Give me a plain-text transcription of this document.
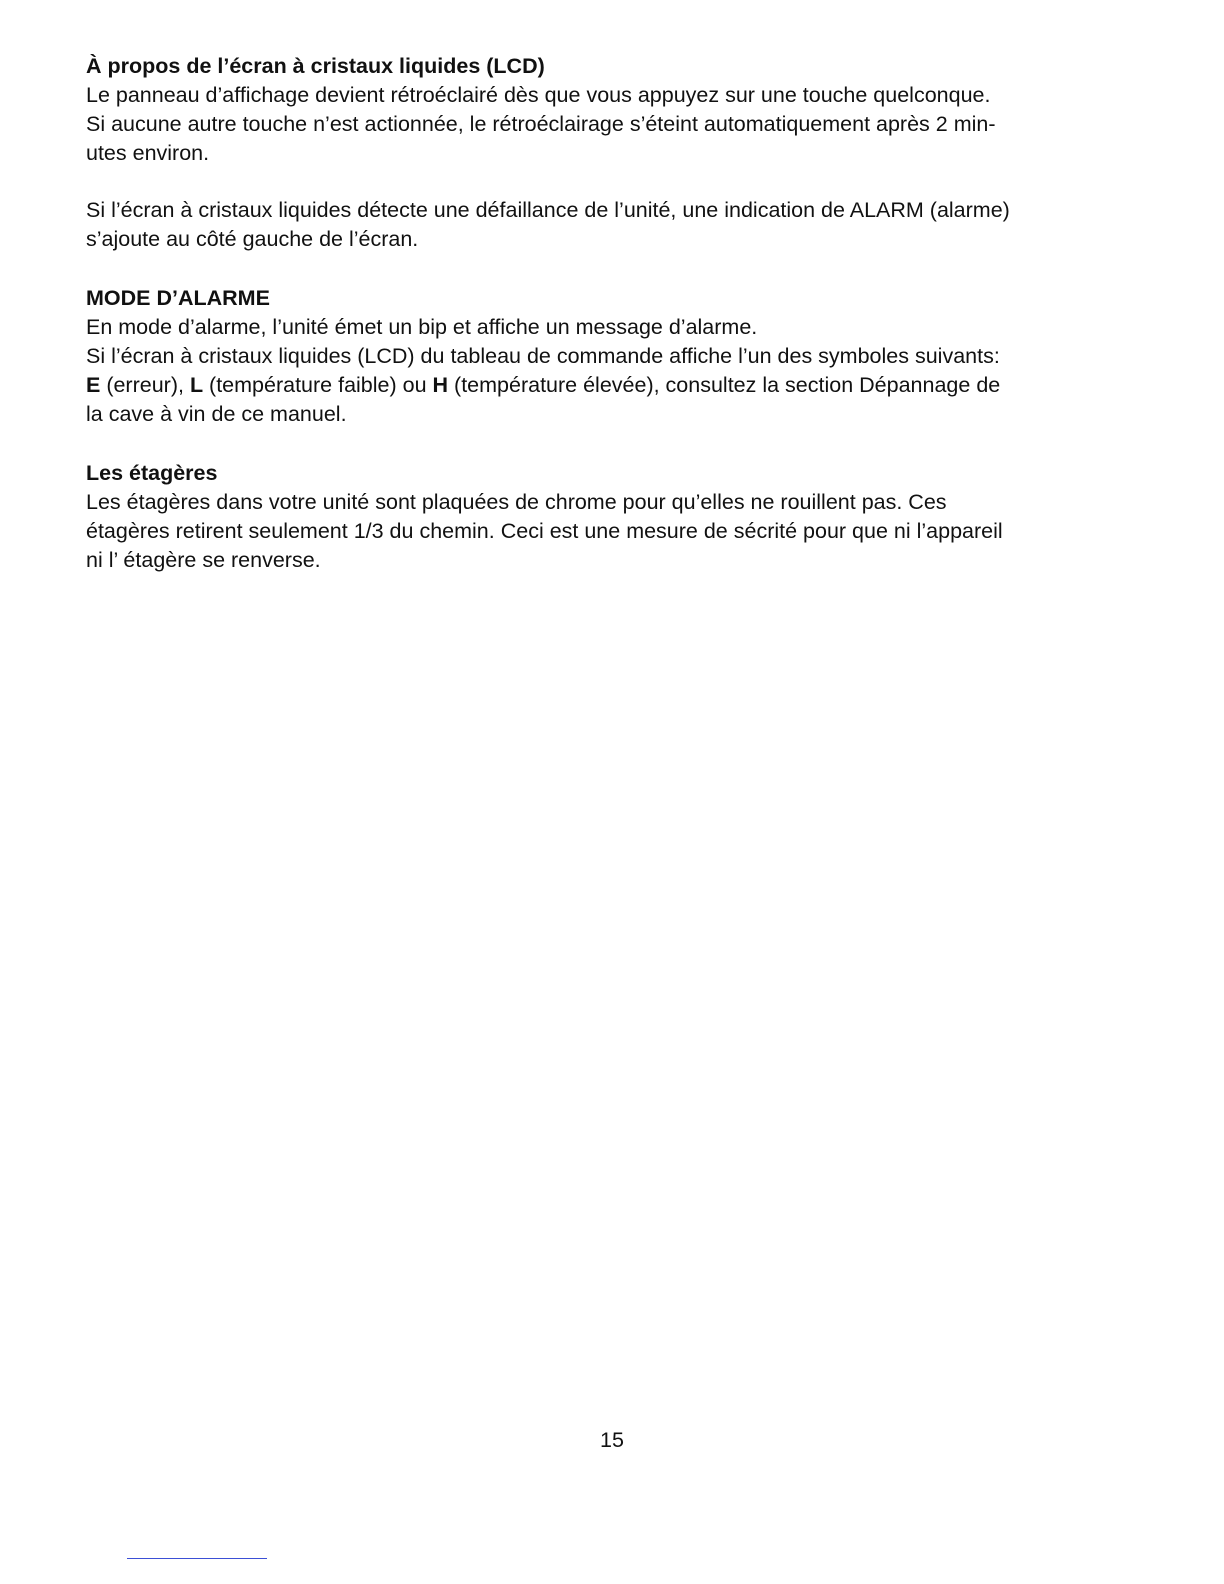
À propos de l’écran à cristaux liquides (LCD)

Le panneau d’affichage devient rétroéclairé dès que vous appuyez sur une touche quelconque.

Si aucune autre touche n’est actionnée, le rétroéclairage s’éteint automatiquement après 2 min-

utes environ.

Si l’écran à cristaux liquides détecte une défaillance de l’unité, une indication de ALARM (alarme)

s’ajoute au côté gauche de l’écran.

MODE D’ALARME

En mode d’alarme, l’unité émet un bip et affiche un message d’alarme.

Si l’écran à cristaux liquides (LCD) du tableau de commande affiche l’un des symboles suivants:

E (erreur), L (température faible) ou H (température élevée), consultez la section Dépannage de

la cave à vin de ce manuel.

Les étagères

Les étagères dans votre unité sont plaquées de chrome pour qu’elles ne rouillent pas. Ces

étagères retirent seulement 1/3 du chemin. Ceci est une mesure de sécrité pour que ni l’appareil

ni l’ étagère se renverse.

15
